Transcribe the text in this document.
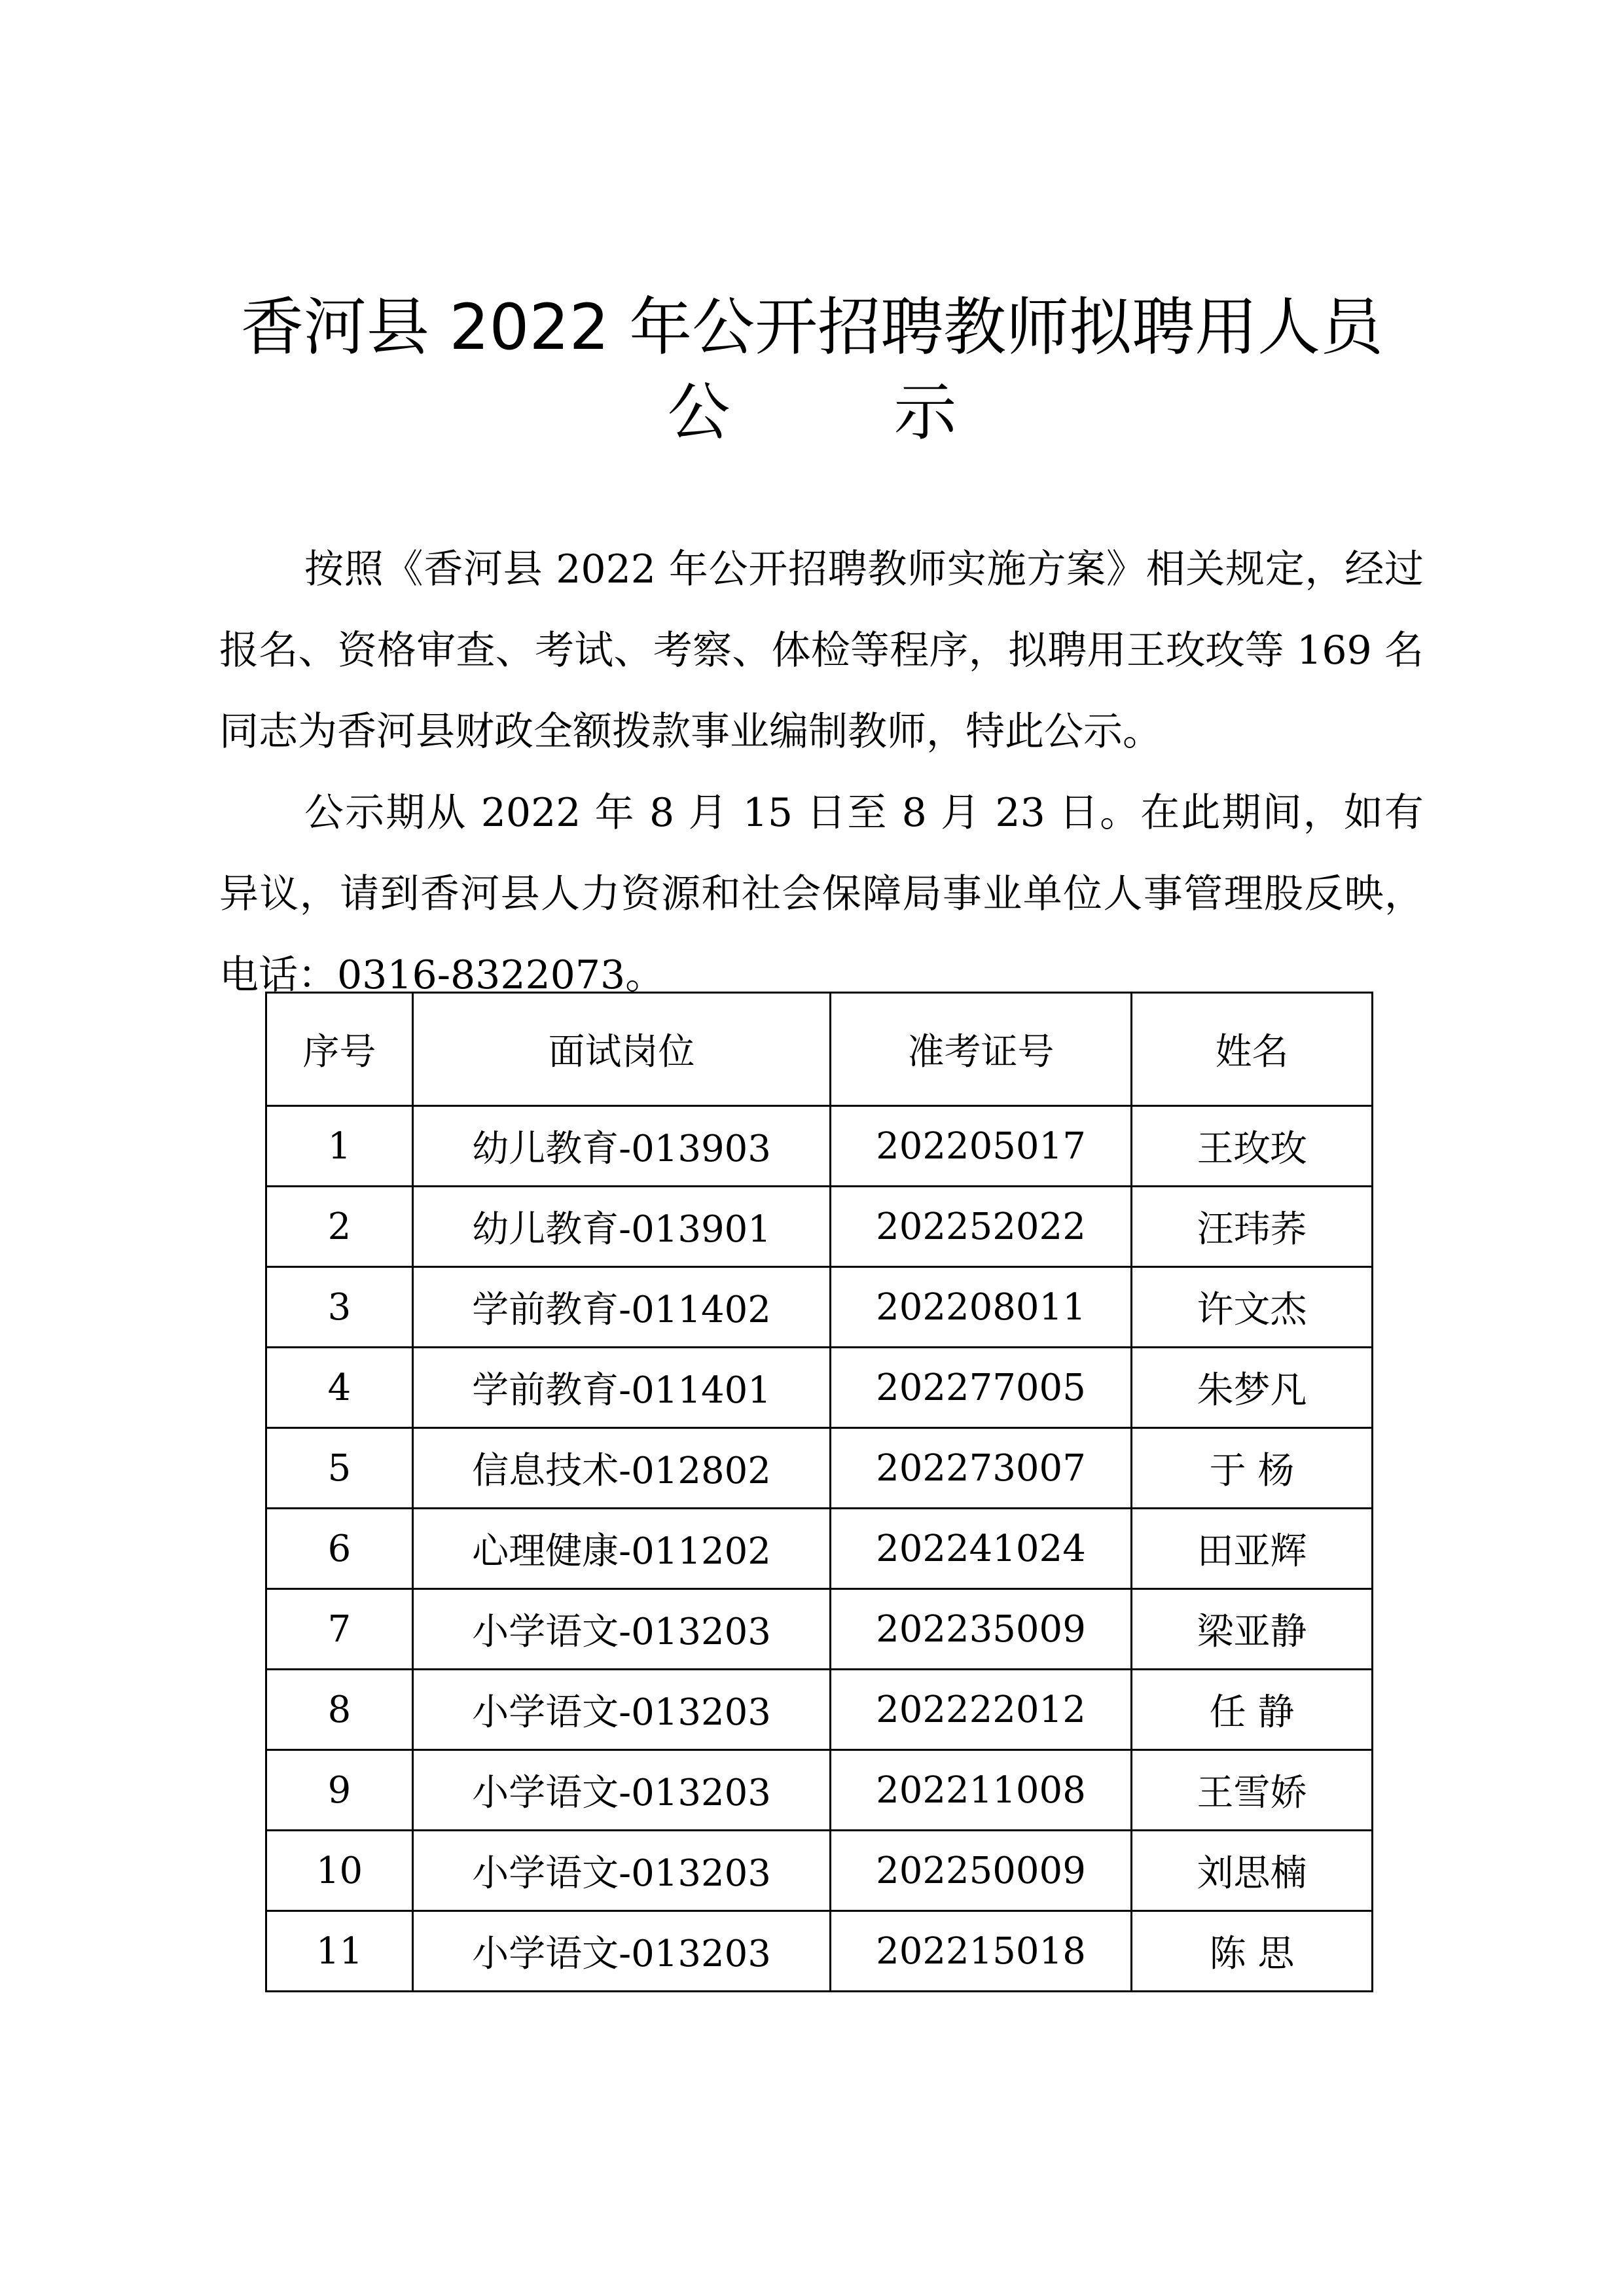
香河县 2022 年公开招聘教师拟聘用人员
公	示

按照《香河县 2022 年公开招聘教师实施方案》相关规定，经过报名、资格审查、考试、考察、体检等程序，拟聘用王玫玫等 169 名同志为香河县财政全额拨款事业编制教师，特此公示。

公示期从 2022 年 8 月 15 日至 8 月 23 日。在此期间，如有异议，请到香河县人力资源和社会保障局事业单位人事管理股反映，电话：0316-8322073。

序号	面试岗位	准考证号	姓名
1	幼儿教育-013903	202205017	王玫玫
2	幼儿教育-013901	202252022	汪玮荞
3	学前教育-011402	202208011	许文杰
4	学前教育-011401	202277005	朱梦凡
5	信息技术-012802	202273007	于 杨
6	心理健康-011202	202241024	田亚辉
7	小学语文-013203	202235009	梁亚静
8	小学语文-013203	202222012	任 静
9	小学语文-013203	202211008	王雪娇
10	小学语文-013203	202250009	刘思楠
11	小学语文-013203	202215018	陈 思
